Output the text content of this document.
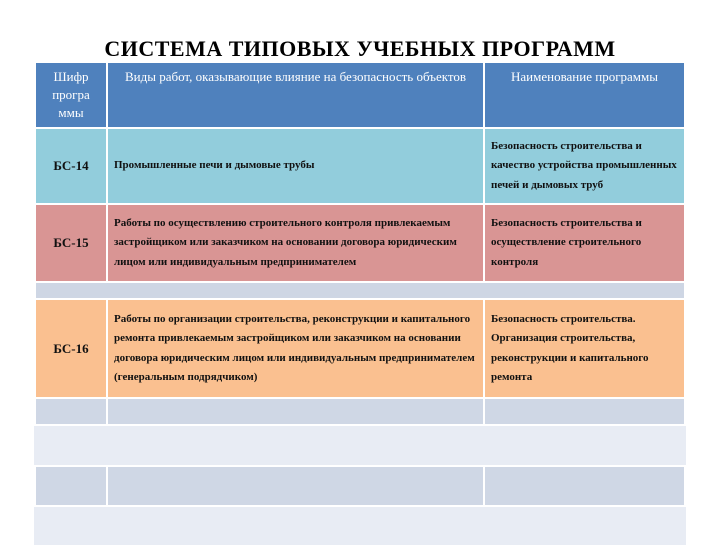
СИСТЕМА ТИПОВЫХ УЧЕБНЫХ ПРОГРАММ
Шифр програ ммы	Виды работ, оказывающие влияние на безопасность объектов	Наименование программы
БС-14	Промышленные печи и дымовые трубы	Безопасность строительства и качество устройства промышленных печей и дымовых труб
БС-15	Работы по осуществлению строительного контроля привлекаемым застройщиком или заказчиком на основании договора юридическим лицом или индивидуальным предпринимателем	Безопасность строительства и осуществление строительного контроля

БС-16	Работы по организации строительства, реконструкции и капитального ремонта привлекаемым застройщиком или заказчиком на основании договора юридическим лицом или индивидуальным предпринимателем (генеральным подрядчиком)	Безопасность строительства. Организация строительства, реконструкции и капитального ремонта
